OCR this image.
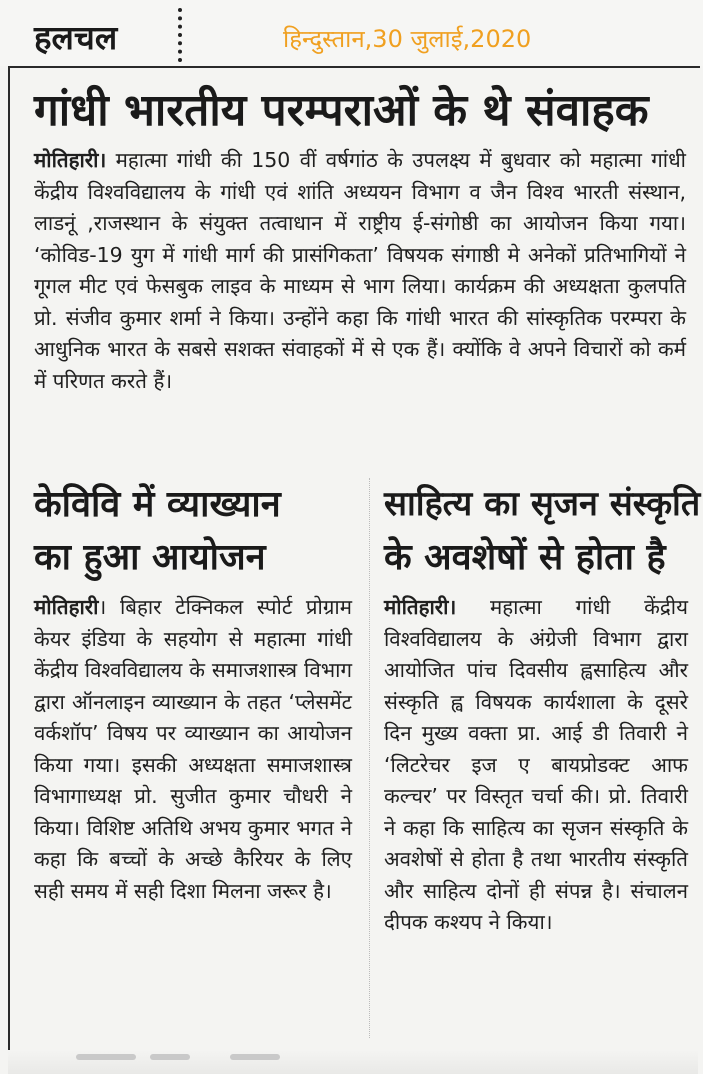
हलचल	हिन्दुस्तान,30 जुलाई,2020
गांधी भारतीय परम्पराओं के थे संवाहक
मोतिहारी। महात्मा गांधी की 150 वीं वर्षगांठ के उपलक्ष्य में बुधवार को महात्मा गांधी केंद्रीय विश्वविद्यालय के गांधी एवं शांति अध्ययन विभाग व जैन विश्व भारती संस्थान, लाडनूं ,राजस्थान के संयुक्त तत्वाधान में राष्ट्रीय ई-संगोष्ठी का आयोजन किया गया। ‘कोविड-19 युग में गांधी मार्ग की प्रासंगिकता’ विषयक संगाष्ठी मे अनेकों प्रतिभागियों ने गूगल मीट एवं फेसबुक लाइव के माध्यम से भाग लिया। कार्यक्रम की अध्यक्षता कुलपति प्रो. संजीव कुमार शर्मा ने किया। उन्होंने कहा कि गांधी भारत की सांस्कृतिक परम्परा के आधुनिक भारत के सबसे सशक्त संवाहकों में से एक हैं। क्योंकि वे अपने विचारों को कर्म में परिणत करते हैं।
केविवि में व्याख्यान
का हुआ आयोजन
मोतिहारी। बिहार टेक्निकल स्पोर्ट प्रोग्राम केयर इंडिया के सहयोग से महात्मा गांधी केंद्रीय विश्वविद्यालय के समाजशास्त्र विभाग द्वारा ऑनलाइन व्याख्यान के तहत ‘प्लेसमेंट वर्कशॉप’ विषय पर व्याख्यान का आयोजन किया गया। इसकी अध्यक्षता समाजशास्त्र विभागाध्यक्ष प्रो. सुजीत कुमार चौधरी ने किया। विशिष्ट अतिथि अभय कुमार भगत ने कहा कि बच्चों के अच्छे कैरियर के लिए सही समय में सही दिशा मिलना जरूर है।
साहित्य का सृजन संस्कृति
के अवशेषों से होता है
मोतिहारी। महात्मा गांधी केंद्रीय विश्वविद्यालय के अंग्रेजी विभाग द्वारा आयोजित पांच दिवसीय ह्वसाहित्य और संस्कृति ह्व विषयक कार्यशाला के दूसरे दिन मुख्य वक्ता प्रा. आई डी तिवारी ने ‘लिटरेचर इज ए बायप्रोडक्ट आफ कल्चर’ पर विस्तृत चर्चा की। प्रो. तिवारी ने कहा कि साहित्य का सृजन संस्कृति के अवशेषों से होता है तथा भारतीय संस्कृति और साहित्य दोनों ही संपन्न है। संचालन दीपक कश्यप ने किया।
